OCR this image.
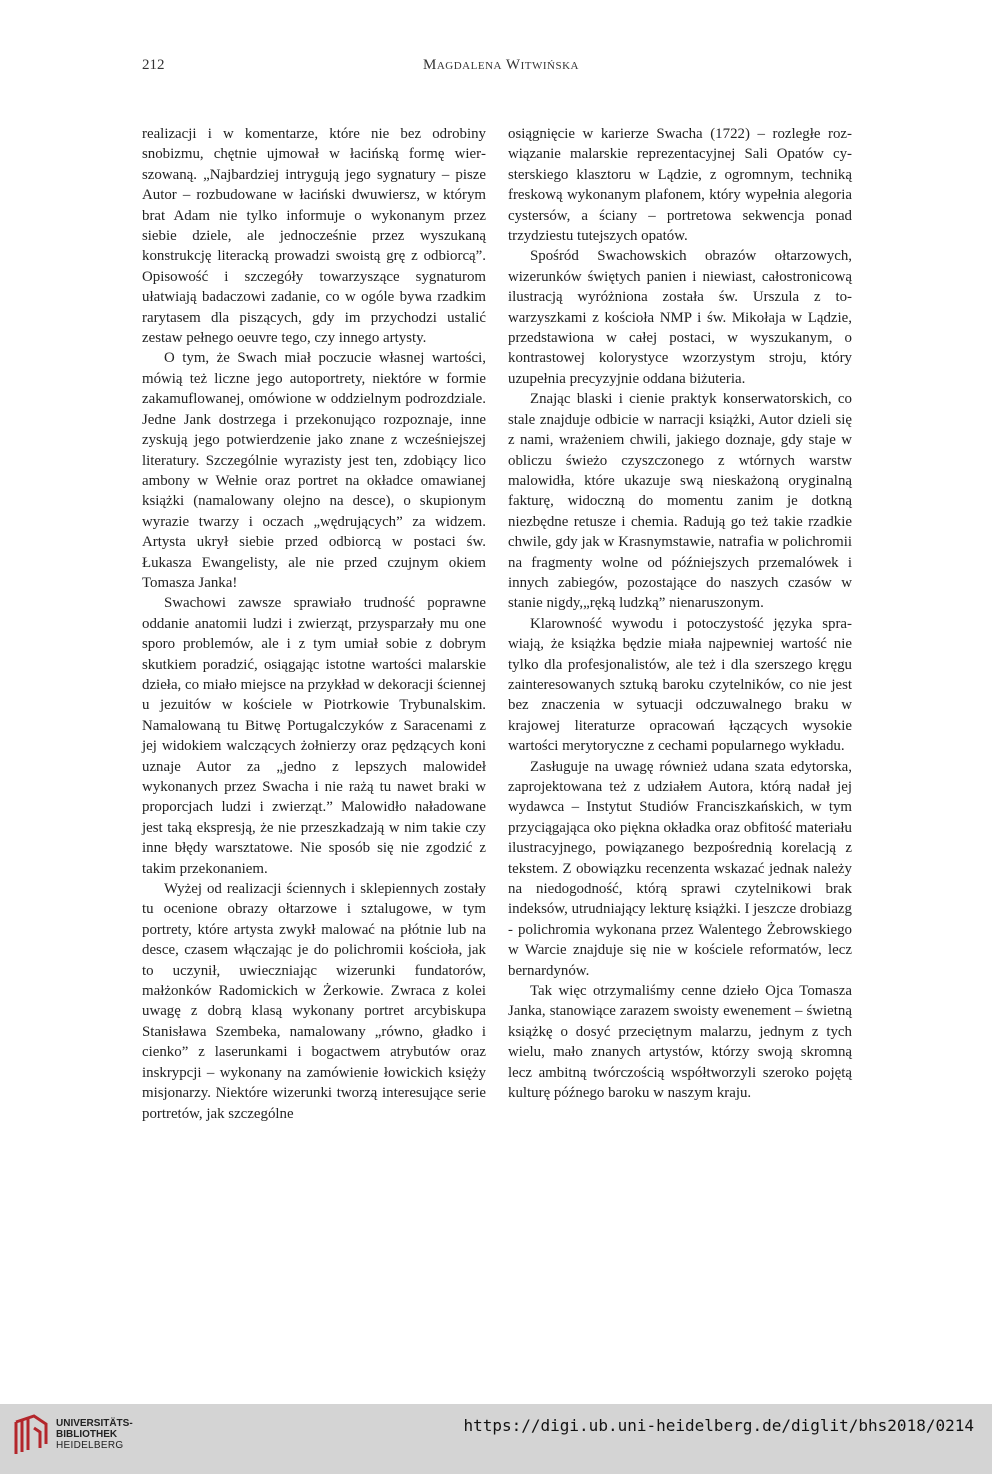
212	Magdalena Witwińska

realizacji i w komentarze, które nie bez odrobiny snobizmu, chętnie ujmował w łacińską formę wierszowaną. „Najbardziej intrygują jego sygnatury – pisze Autor – rozbudowane w łaciński dwuwiersz, w którym brat Adam nie tylko informuje o wykonanym przez siebie dziele, ale jednocześnie przez wyszukaną konstrukcję literacką prowadzi swoistą grę z odbiorcą”. Opisowość i szczegóły towarzyszące sygnaturom ułatwiają badaczowi zadanie, co w ogóle bywa rzadkim rarytasem dla piszących, gdy im przychodzi ustalić zestaw pełnego oeuvre tego, czy innego artysty.

O tym, że Swach miał poczucie własnej wartości, mówią też liczne jego autoportrety, niektóre w formie zakamuflowanej, omówione w oddzielnym podrozdziale. Jedne Jank dostrzega i przekonująco rozpoznaje, inne zyskują jego potwierdzenie jako znane z wcześniejszej literatury. Szczególnie wyrazisty jest ten, zdobiący lico ambony w Wełnie oraz portret na okładce omawianej książki (namalowany olejno na desce), o skupionym wyrazie twarzy i oczach „wędrujących” za widzem. Artysta ukrył siebie przed odbiorcą w postaci św. Łukasza Ewangelisty, ale nie przed czujnym okiem Tomasza Janka!

Swachowi zawsze sprawiało trudność poprawne oddanie anatomii ludzi i zwierząt, przysparzały mu one sporo problemów, ale i z tym umiał sobie z dobrym skutkiem poradzić, osiągając istotne wartości malarskie dzieła, co miało miejsce na przykład w dekoracji ściennej u jezuitów w kościele w Piotrkowie Trybunalskim. Namalowaną tu Bitwę Portugalczyków z Saracenami z jej widokiem walczących żołnierzy oraz pędzących koni uznaje Autor za „jedno z lepszych malowideł wykonanych przez Swacha i nie rażą tu nawet braki w proporcjach ludzi i zwierząt.” Malowidło naładowane jest taką ekspresją, że nie przeszkadzają w nim takie czy inne błędy warsztatowe. Nie sposób się nie zgodzić z takim przekonaniem.

Wyżej od realizacji ściennych i sklepiennych zostały tu ocenione obrazy ołtarzowe i sztalugowe, w tym portrety, które artysta zwykł malować na płótnie lub na desce, czasem włączając je do polichromii kościoła, jak to uczynił, uwieczniając wizerunki fundatorów, małżonków Radomickich w Żerkowie. Zwraca z kolei uwagę z dobrą klasą wykonany portret arcybiskupa Stanisława Szembeka, namalowany „równo, gładko i cienko” z laserunkami i bogactwem atrybutów oraz inskrypcji – wykonany na zamówienie łowickich księży misjonarzy. Niektóre wizerunki tworzą interesujące serie portretów, jak szczególne

osiągnięcie w karierze Swacha (1722) – rozległe rozwiązanie malarskie reprezentacyjnej Sali Opatów cysterskiego klasztoru w Lądzie, z ogromnym, techniką freskową wykonanym plafonem, który wypełnia alegoria cystersów, a ściany – portretowa sekwencja ponad trzydziestu tutejszych opatów.

Spośród Swachowskich obrazów ołtarzowych, wizerunków świętych panien i niewiast, całostronicową ilustracją wyróżniona została św. Urszula z towarzyszkami z kościoła NMP i św. Mikołaja w Lądzie, przedstawiona w całej postaci, w wyszukanym, o kontrastowej kolorystyce wzorzystym stroju, który uzupełnia precyzyjnie oddana biżuteria.

Znając blaski i cienie praktyk konserwatorskich, co stale znajduje odbicie w narracji książki, Autor dzieli się z nami, wrażeniem chwili, jakiego doznaje, gdy staje w obliczu świeżo czyszczonego z wtórnych warstw malowidła, które ukazuje swą nieskażoną oryginalną fakturę, widoczną do momentu zanim je dotkną niezbędne retusze i chemia. Radują go też takie rzadkie chwile, gdy jak w Krasnymstawie, natrafia w polichromii na fragmenty wolne od późniejszych przemalówek i innych zabiegów, pozostające do naszych czasów w stanie nigdy,„ręką ludzką” nienaruszonym.

Klarowność wywodu i potoczystość języka sprawiają, że książka będzie miała najpewniej wartość nie tylko dla profesjonalistów, ale też i dla szerszego kręgu zainteresowanych sztuką baroku czytelników, co nie jest bez znaczenia w sytuacji odczuwalnego braku w krajowej literaturze opracowań łączących wysokie wartości merytoryczne z cechami popularnego wykładu.

Zasługuje na uwagę również udana szata edytorska, zaprojektowana też z udziałem Autora, którą nadał jej wydawca – Instytut Studiów Franciszkańskich, w tym przyciągająca oko piękna okładka oraz obfitość materiału ilustracyjnego, powiązanego bezpośrednią korelacją z tekstem. Z obowiązku recenzenta wskazać jednak należy na niedogodność, którą sprawi czytelnikowi brak indeksów, utrudniający lekturę książki. I jeszcze drobiazg - polichromia wykonana przez Walentego Żebrowskiego w Warcie znajduje się nie w kościele reformatów, lecz bernardynów.

Tak więc otrzymaliśmy cenne dzieło Ojca Tomasza Janka, stanowiące zarazem swoisty ewenement – świetną książkę o dosyć przeciętnym malarzu, jednym z tych wielu, mało znanych artystów, którzy swoją skromną lecz ambitną twórczością współtworzyli szeroko pojętą kulturę późnego baroku w naszym kraju.

UNIVERSITÄTS-
BIBLIOTHEK
HEIDELBERG
https://digi.ub.uni-heidelberg.de/diglit/bhs2018/0214
